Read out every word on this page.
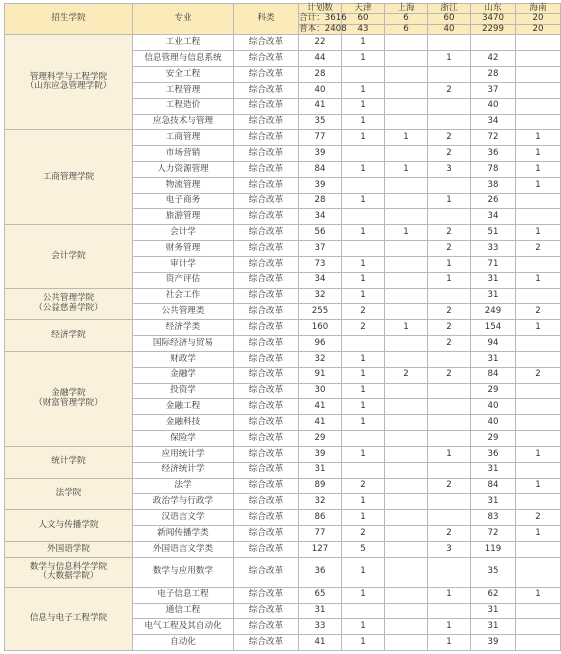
招生学院	专业	科类	计划数	天津	上海	浙江	山东	海南
			合计：3616	60	6	60	3470	20
			普本：2408	43	6	40	2299	20

管理科学与工程学院
（山东应急管理学院）	工业工程	综合改革	22	1				
	信息管理与信息系统	综合改革	44	1		1	42	
	安全工程	综合改革	28				28	
	工程管理	综合改革	40	1		2	37	
	工程造价	综合改革	41	1			40	
	应急技术与管理	综合改革	35	1			34	

工商管理学院	工商管理	综合改革	77	1	1	2	72	1
	市场营销	综合改革	39			2	36	1
	人力资源管理	综合改革	84	1	1	3	78	1
	物流管理	综合改革	39				38	1
	电子商务	综合改革	28	1		1	26	
	旅游管理	综合改革	34				34	

会计学院	会计学	综合改革	56	1	1	2	51	1
	财务管理	综合改革	37			2	33	2
	审计学	综合改革	73	1		1	71	
	资产评估	综合改革	34	1		1	31	1

公共管理学院
（公益慈善学院）	社会工作	综合改革	32	1			31	
	公共管理类	综合改革	255	2		2	249	2

经济学院	经济学类	综合改革	160	2	1	2	154	1
	国际经济与贸易	综合改革	96			2	94	

金融学院
（财富管理学院）	财政学	综合改革	32	1			31	
	金融学	综合改革	91	1	2	2	84	2
	投资学	综合改革	30	1			29	
	金融工程	综合改革	41	1			40	
	金融科技	综合改革	41	1			40	
	保险学	综合改革	29				29	

统计学院	应用统计学	综合改革	39	1		1	36	1
	经济统计学	综合改革	31				31	

法学院	法学	综合改革	89	2		2	84	1
	政治学与行政学	综合改革	32	1			31	

人文与传播学院	汉语言文学	综合改革	86	1			83	2
	新闻传播学类	综合改革	77	2		2	72	1

外国语学院	外国语言文学类	综合改革	127	5		3	119	

数学与信息科学学院
（大数据学院）	数学与应用数学	综合改革	36	1			35	

信息与电子工程学院	电子信息工程	综合改革	65	1		1	62	1
	通信工程	综合改革	31				31	
	电气工程及其自动化	综合改革	33	1		1	31	
	自动化	综合改革	41	1		1	39	
